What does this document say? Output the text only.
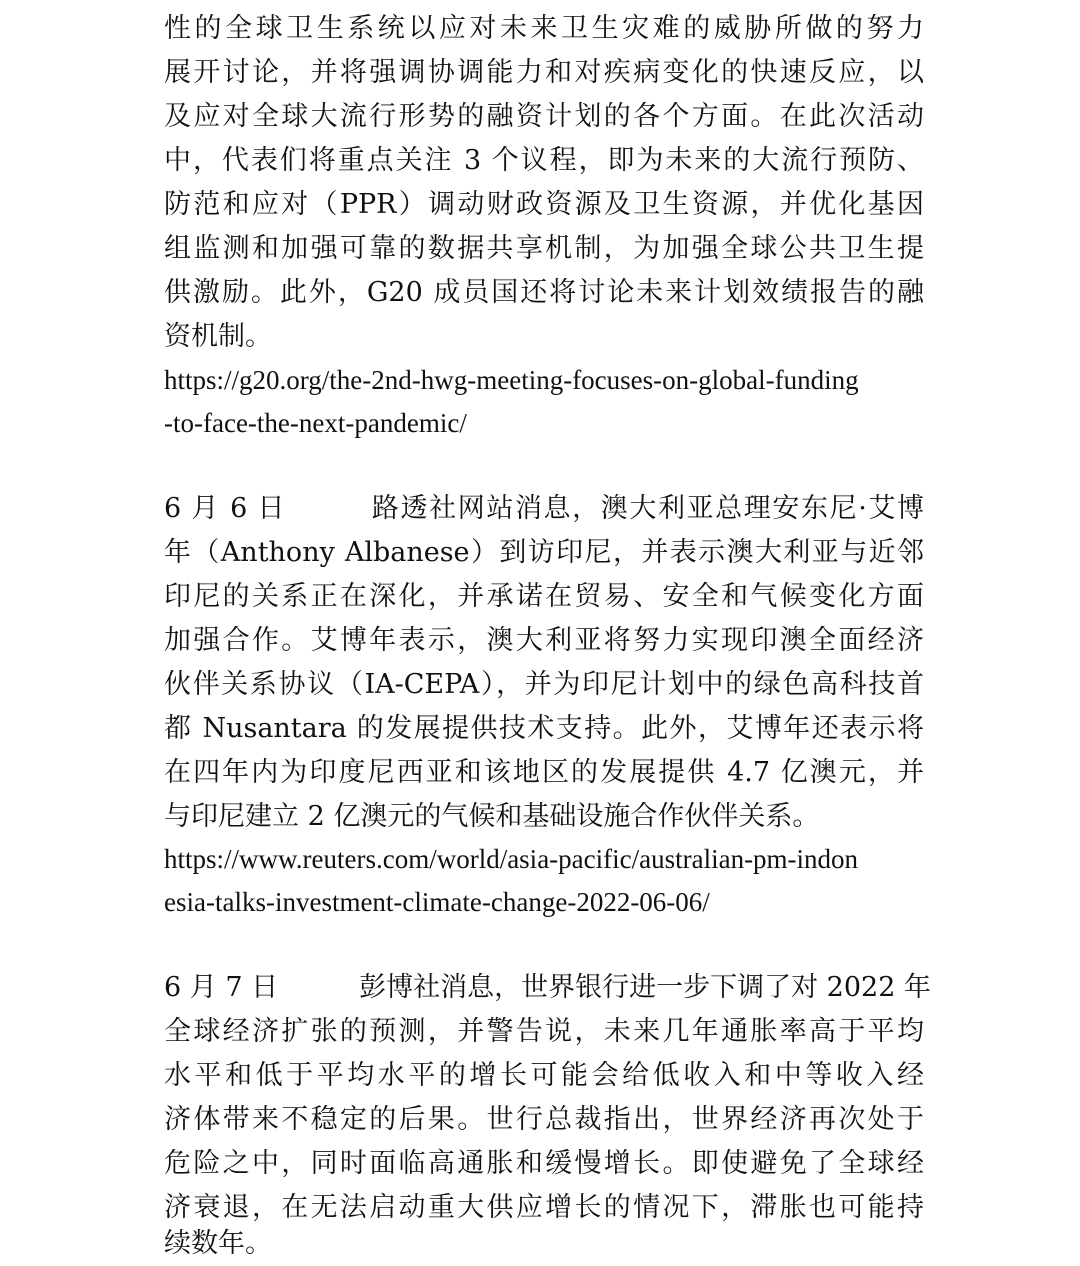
性的全球卫生系统以应对未来卫生灾难的威胁所做的努力
展开讨论，并将强调协调能力和对疾病变化的快速反应，以
及应对全球大流行形势的融资计划的各个方面。在此次活动
中，代表们将重点关注 3 个议程，即为未来的大流行预防、
防范和应对（PPR）调动财政资源及卫生资源，并优化基因
组监测和加强可靠的数据共享机制，为加强全球公共卫生提
供激励。此外，G20 成员国还将讨论未来计划效绩报告的融
资机制。
https://g20.org/the-2nd-hwg-meeting-focuses-on-global-funding
-to-face-the-next-pandemic/
6 月 6 日　　　路透社网站消息，澳大利亚总理安东尼·艾博
年（Anthony Albanese）到访印尼，并表示澳大利亚与近邻
印尼的关系正在深化，并承诺在贸易、安全和气候变化方面
加强合作。艾博年表示，澳大利亚将努力实现印澳全面经济
伙伴关系协议（IA-CEPA），并为印尼计划中的绿色高科技首
都 Nusantara 的发展提供技术支持。此外，艾博年还表示将
在四年内为印度尼西亚和该地区的发展提供 4.7 亿澳元，并
与印尼建立 2 亿澳元的气候和基础设施合作伙伴关系。
https://www.reuters.com/world/asia-pacific/australian-pm-indon
esia-talks-investment-climate-change-2022-06-06/
6 月 7 日　　　彭博社消息，世界银行进一步下调了对 2022 年
全球经济扩张的预测，并警告说，未来几年通胀率高于平均
水平和低于平均水平的增长可能会给低收入和中等收入经
济体带来不稳定的后果。世行总裁指出，世界经济再次处于
危险之中，同时面临高通胀和缓慢增长。即使避免了全球经
济衰退，在无法启动重大供应增长的情况下，滞胀也可能持
续数年。
